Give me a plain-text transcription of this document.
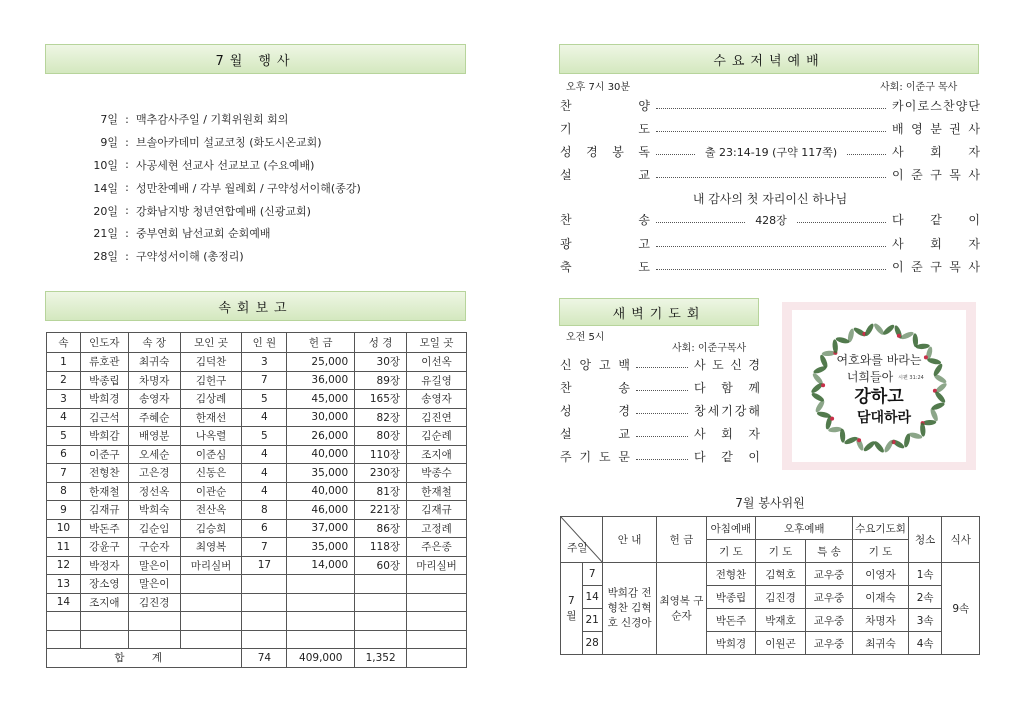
7월 행사
7일 : 맥추감사주일 / 기획위원회 회의
9일 : 브솔아카데미 설교코칭 (화도시온교회)
10일 : 사공세현 선교사 선교보고 (수요예배)
14일 : 성만찬예배 / 각부 월례회 / 구약성서이해(종강)
20일 : 강화남지방 청년연합예배 (신광교회)
21일 : 중부연회 남선교회 순회예배
28일 : 구약성서이해 (총정리)
속회보고
속	인도자	속 장	모인 곳	인 원	헌 금	성 경	모일 곳
1	류호관	최귀숙	김덕찬	3	25,000	30장	이선옥
2	박종립	차명자	김헌구	7	36,000	89장	유길영
3	박희경	송영자	김상례	5	45,000	165장	송영자
4	김근석	주혜순	한재선	4	30,000	82장	김진연
5	박희감	배영분	나옥렬	5	26,000	80장	김순례
6	이준구	오세순	이준심	4	40,000	110장	조지애
7	전형찬	고은경	신동은	4	35,000	230장	박종수
8	한재철	정선옥	이관순	4	40,000	81장	한재철
9	김재규	박희숙	전산옥	8	46,000	221장	김재규
10	박돈주	김순임	김승희	6	37,000	86장	고정례
11	강윤구	구순자	최영복	7	35,000	118장	주은종
12	박정자	말은이	마리실버	17	14,000	60장	마리실버
13	장소영	말은이					
14	조지애	김진경					

합 계				74	409,000	1,352	
수요저녁예배
오후 7시 30분	사회: 이준구 목사
찬	양	카 이 로 스 찬 양 단
기	도	배 영 분 권 사
성 경 봉 독	출 23:14-19 (구약 117쪽)	사 회 자
설	교	이 준 구 목 사
내 감사의 첫 자리이신 하나님
찬	송	428장	다 같 이
광	고	사 회 자
축	도	이 준 구 목 사
새벽기도회
오전 5시
사회: 이준구목사
신 앙 고 백	사 도 신 경
찬	송	다 함 께
성	경	창 세 기 강 해
설	교	사 회 자
주 기 도 문	다 같 이
여호와를 바라는
너희들아 시편 31:24
강하고
담대하라
7월 봉사위원
주일		안 내	헌 금	아침예배	오후예배		수요기도회	청소	식사
				기 도	기 도	특 송	기 도		

7
월	7	박희감 전형찬 김혁호 신경아	최영복 구순자	전형찬	김혁호	교우중	이영자	1속	9속
	14			박종립	김진경	교우중	이재숙	2속	
	21			박돈주	박재호	교우중	차명자	3속	
	28			박희경	이원곤	교우중	최귀숙	4속	
